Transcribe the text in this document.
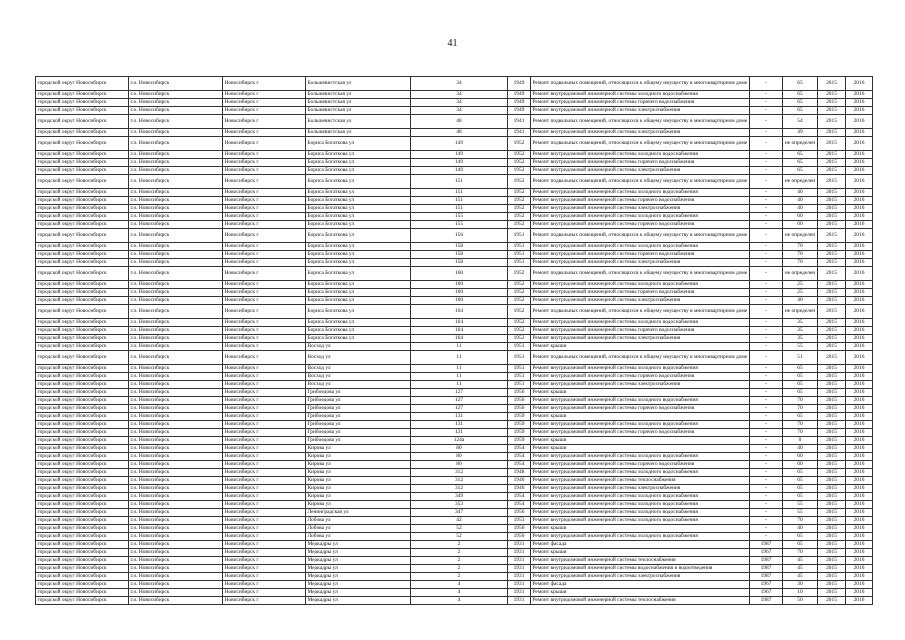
41
городской округ Новосибирск	г.о. Новосибирск	Новосибирск г	Большевистская ул	34	1949	Ремонт подвальных помещений, относящихся к общему имуществу в многоквартирном доме	-	65	2015	2016
городской округ Новосибирск	г.о. Новосибирск	Новосибирск г	Большевистская ул	34	1949	Ремонт внутридомовой инженерной системы холодного водоснабжения	-	65	2015	2016
городской округ Новосибирск	г.о. Новосибирск	Новосибирск г	Большевистская ул	34	1949	Ремонт внутридомовой инженерной системы горячего водоснабжения	-	65	2015	2016
городской округ Новосибирск	г.о. Новосибирск	Новосибирск г	Большевистская ул	34	1949	Ремонт внутридомовой инженерной системы электроснабжения	-	65	2015	2016
городской округ Новосибирск	г.о. Новосибирск	Новосибирск г	Большевистская ул	48	1941	Ремонт подвальных помещений, относящихся к общему имуществу в многоквартирном доме	-	54	2015	2016
городской округ Новосибирск	г.о. Новосибирск	Новосибирск г	Большевистская ул	48	1941	Ремонт внутридомовой инженерной системы электроснабжения	-	49	2015	2016
городской округ Новосибирск	г.о. Новосибирск	Новосибирск г	Бориса Богаткова ул	149	1952	Ремонт подвальных помещений, относящихся к общему имуществу в многоквартирном доме	-	не определен	2015	2016
городской округ Новосибирск	г.о. Новосибирск	Новосибирск г	Бориса Богаткова ул	149	1952	Ремонт внутридомовой инженерной системы холодного водоснабжения	-	65	2015	2016
городской округ Новосибирск	г.о. Новосибирск	Новосибирск г	Бориса Богаткова ул	149	1952	Ремонт внутридомовой инженерной системы горячего водоснабжения	-	65	2015	2016
городской округ Новосибирск	г.о. Новосибирск	Новосибирск г	Бориса Богаткова ул	149	1952	Ремонт внутридомовой инженерной системы электроснабжения	-	65	2015	2016
городской округ Новосибирск	г.о. Новосибирск	Новосибирск г	Бориса Богаткова ул	151	1952	Ремонт подвальных помещений, относящихся к общему имуществу в многоквартирном доме	-	не определен	2015	2016
городской округ Новосибирск	г.о. Новосибирск	Новосибирск г	Бориса Богаткова ул	151	1952	Ремонт внутридомовой инженерной системы холодного водоснабжения	-	40	2015	2016
городской округ Новосибирск	г.о. Новосибирск	Новосибирск г	Бориса Богаткова ул	151	1952	Ремонт внутридомовой инженерной системы горячего водоснабжения	-	40	2015	2016
городской округ Новосибирск	г.о. Новосибирск	Новосибирск г	Бориса Богаткова ул	151	1952	Ремонт внутридомовой инженерной системы электроснабжения	-	40	2015	2016
городской округ Новосибирск	г.о. Новосибирск	Новосибирск г	Бориса Богаткова ул	155	1952	Ремонт внутридомовой инженерной системы холодного водоснабжения	-	60	2015	2016
городской округ Новосибирск	г.о. Новосибирск	Новосибирск г	Бориса Богаткова ул	155	1952	Ремонт внутридомовой инженерной системы горячего водоснабжения	-	60	2015	2016
городской округ Новосибирск	г.о. Новосибирск	Новосибирск г	Бориса Богаткова ул	156	1951	Ремонт подвальных помещений, относящихся к общему имуществу в многоквартирном доме	-	не определен	2015	2016
городской округ Новосибирск	г.о. Новосибирск	Новосибирск г	Бориса Богаткова ул	158	1951	Ремонт внутридомовой инженерной системы холодного водоснабжения	-	70	2015	2016
городской округ Новосибирск	г.о. Новосибирск	Новосибирск г	Бориса Богаткова ул	158	1951	Ремонт внутридомовой инженерной системы горячего водоснабжения	-	70	2015	2016
городской округ Новосибирск	г.о. Новосибирск	Новосибирск г	Бориса Богаткова ул	158	1951	Ремонт внутридомовой инженерной системы электроснабжения	-	70	2015	2016
городской округ Новосибирск	г.о. Новосибирск	Новосибирск г	Бориса Богаткова ул	160	1952	Ремонт подвальных помещений, относящихся к общему имуществу в многоквартирном доме	-	не определен	2015	2016
городской округ Новосибирск	г.о. Новосибирск	Новосибирск г	Бориса Богаткова ул	160	1952	Ремонт внутридомовой инженерной системы холодного водоснабжения	-	25	2015	2016
городской округ Новосибирск	г.о. Новосибирск	Новосибирск г	Бориса Богаткова ул	160	1952	Ремонт внутридомовой инженерной системы горячего водоснабжения	-	25	2015	2016
городской округ Новосибирск	г.о. Новосибирск	Новосибирск г	Бориса Богаткова ул	160	1952	Ремонт внутридомовой инженерной системы электроснабжения	-	40	2015	2016
городской округ Новосибирск	г.о. Новосибирск	Новосибирск г	Бориса Богаткова ул	164	1952	Ремонт подвальных помещений, относящихся к общему имуществу в многоквартирном доме	-	не определен	2015	2016
городской округ Новосибирск	г.о. Новосибирск	Новосибирск г	Бориса Богаткова ул	164	1952	Ремонт внутридомовой инженерной системы холодного водоснабжения	-	35	2015	2016
городской округ Новосибирск	г.о. Новосибирск	Новосибирск г	Бориса Богаткова ул	164	1952	Ремонт внутридомовой инженерной системы горячего водоснабжения	-	35	2015	2016
городской округ Новосибирск	г.о. Новосибирск	Новосибирск г	Бориса Богаткова ул	164	1952	Ремонт внутридомовой инженерной системы электроснабжения	-	35	2015	2016
городской округ Новосибирск	г.о. Новосибирск	Новосибирск г	Восход ул	11	1951	Ремонт крыши	-	55	2015	2016
городской округ Новосибирск	г.о. Новосибирск	Новосибирск г	Восход ул	11	1951	Ремонт подвальных помещений, относящихся к общему имуществу в многоквартирном доме	-	51	2015	2016
городской округ Новосибирск	г.о. Новосибирск	Новосибирск г	Восход ул	11	1951	Ремонт внутридомовой инженерной системы холодного водоснабжения	-	65	2015	2016
городской округ Новосибирск	г.о. Новосибирск	Новосибирск г	Восход ул	11	1951	Ремонт внутридомовой инженерной системы горячего водоснабжения	-	65	2015	2016
городской округ Новосибирск	г.о. Новосибирск	Новосибирск г	Восход ул	11	1951	Ремонт внутридомовой инженерной системы электроснабжения	-	65	2015	2016
городской округ Новосибирск	г.о. Новосибирск	Новосибирск г	Грибоедова ул	127	1956	Ремонт крыши	-	65	2015	2016
городской округ Новосибирск	г.о. Новосибирск	Новосибирск г	Грибоедова ул	127	1956	Ремонт внутридомовой инженерной системы холодного водоснабжения	-	70	2015	2016
городской округ Новосибирск	г.о. Новосибирск	Новосибирск г	Грибоедова ул	127	1956	Ремонт внутридомовой инженерной системы горячего водоснабжения	-	70	2015	2016
городской округ Новосибирск	г.о. Новосибирск	Новосибирск г	Грибоедова ул	131	1959	Ремонт крыши	-	65	2015	2016
городской округ Новосибирск	г.о. Новосибирск	Новосибирск г	Грибоедова ул	131	1959	Ремонт внутридомовой инженерной системы холодного водоснабжения	-	70	2015	2016
городской округ Новосибирск	г.о. Новосибирск	Новосибирск г	Грибоедова ул	131	1959	Ремонт внутридомовой инженерной системы горячего водоснабжения	-	70	2015	2016
городской округ Новосибирск	г.о. Новосибирск	Новосибирск г	Грибоедова ул	124а	1959	Ремонт крыши	-	0	2015	2016
городской округ Новосибирск	г.о. Новосибирск	Новосибирск г	Кирова ул	80	1954	Ремонт крыши	-	40	2015	2016
городской округ Новосибирск	г.о. Новосибирск	Новосибирск г	Кирова ул	80	1954	Ремонт внутридомовой инженерной системы холодного водоснабжения	-	60	2015	2016
городской округ Новосибирск	г.о. Новосибирск	Новосибирск г	Кирова ул	80	1954	Ремонт внутридомовой инженерной системы горячего водоснабжения	-	60	2015	2016
городской округ Новосибирск	г.о. Новосибирск	Новосибирск г	Кирова ул	312	1948	Ремонт внутридомовой инженерной системы холодного водоснабжения	-	65	2015	2016
городской округ Новосибирск	г.о. Новосибирск	Новосибирск г	Кирова ул	312	1946	Ремонт внутридомовой инженерной системы теплоснабжения	-	65	2015	2016
городской округ Новосибирск	г.о. Новосибирск	Новосибирск г	Кирова ул	312	1946	Ремонт внутридомовой инженерной системы электроснабжения	-	65	2015	2016
городской округ Новосибирск	г.о. Новосибирск	Новосибирск г	Кирова ул	349	1954	Ремонт внутридомовой инженерной системы холодного водоснабжения	-	65	2015	2016
городской округ Новосибирск	г.о. Новосибирск	Новосибирск г	Кирова ул	353	1954	Ремонт внутридомовой инженерной системы холодного водоснабжения	-	55	2015	2016
городской округ Новосибирск	г.о. Новосибирск	Новосибирск г	Ленинградская ул	347	1956	Ремонт внутридомовой инженерной системы холодного водоснабжения	-	55	2015	2016
городской округ Новосибирск	г.о. Новосибирск	Новосибирск г	Лобова ул	42	1953	Ремонт внутридомовой инженерной системы холодного водоснабжения	-	70	2015	2016
городской округ Новосибирск	г.о. Новосибирск	Новосибирск г	Лобова ул	52	1956	Ремонт крыши	-	40	2015	2016
городской округ Новосибирск	г.о. Новосибирск	Новосибирск г	Лобова ул	52	1956	Ремонт внутридомовой инженерной системы холодного водоснабжения	-	65	2015	2016
городской округ Новосибирск	г.о. Новосибирск	Новосибирск г	Медкадры ул	2	1931	Ремонт фасада	1987	65	2015	2016
городской округ Новосибирск	г.о. Новосибирск	Новосибирск г	Медкадры ул	2	1931	Ремонт крыши	1967	70	2015	2016
городской округ Новосибирск	г.о. Новосибирск	Новосибирск г	Медкадры ул	2	1931	Ремонт внутридомовой инженерной системы теплоснабжения	1987	45	2015	2016
городской округ Новосибирск	г.о. Новосибирск	Новосибирск г	Медкадры ул	2	1931	Ремонт внутридомовой инженерной системы водоснабжения и водоотведения	1987	45	2015	2016
городской округ Новосибирск	г.о. Новосибирск	Новосибирск г	Медкадры ул	2	1931	Ремонт внутридомовой инженерной системы электроснабжения	1987	45	2015	2016
городской округ Новосибирск	г.о. Новосибирск	Новосибирск г	Медкадры ул	4	1931	Ремонт фасада	1967	30	2015	2016
городской округ Новосибирск	г.о. Новосибирск	Новосибирск г	Медкадры ул	4	1931	Ремонт крыши	1967	10	2015	2016
городской округ Новосибирск	г.о. Новосибирск	Новосибирск г	Медкадры ул	4	1931	Ремонт внутридомовой инженерной системы теплоснабжения	1987	50	2015	2016
